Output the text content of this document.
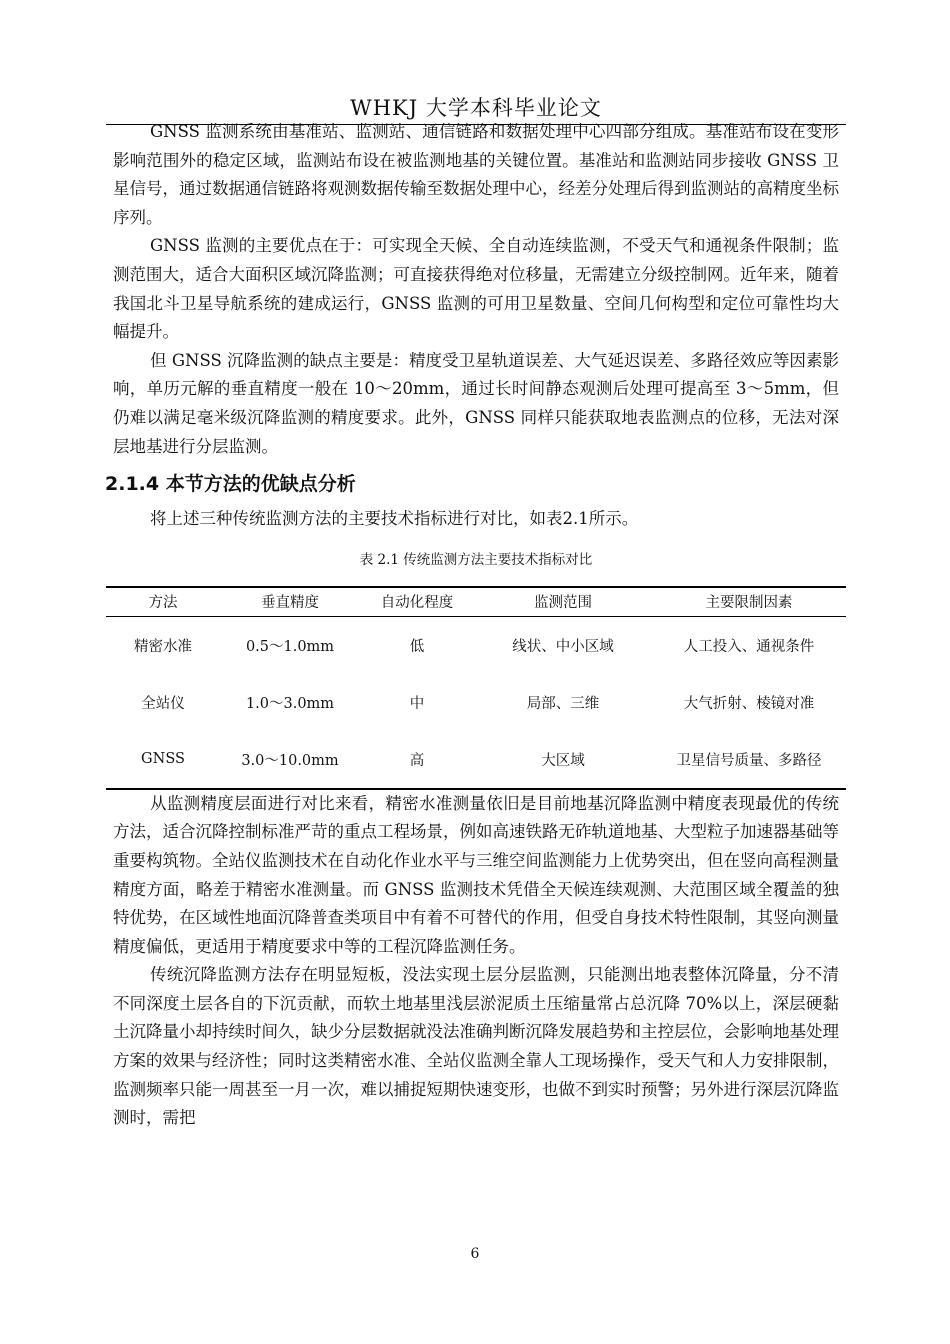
WHKJ 大学本科毕业论文

GNSS 监测系统由基准站、监测站、通信链路和数据处理中心四部分组成。基准站布设在变形影响范围外的稳定区域，监测站布设在被监测地基的关键位置。基准站和监测站同步接收 GNSS 卫星信号，通过数据通信链路将观测数据传输至数据处理中心，经差分处理后得到监测站的高精度坐标序列。

GNSS 监测的主要优点在于：可实现全天候、全自动连续监测，不受天气和通视条件限制；监测范围大，适合大面积区域沉降监测；可直接获得绝对位移量，无需建立分级控制网。近年来，随着我国北斗卫星导航系统的建成运行，GNSS 监测的可用卫星数量、空间几何构型和定位可靠性均大幅提升。

但 GNSS 沉降监测的缺点主要是：精度受卫星轨道误差、大气延迟误差、多路径效应等因素影响，单历元解的垂直精度一般在 10～20mm，通过长时间静态观测后处理可提高至 3～5mm，但仍难以满足毫米级沉降监测的精度要求。此外，GNSS 同样只能获取地表监测点的位移，无法对深层地基进行分层监测。

2.1.4 本节方法的优缺点分析

将上述三种传统监测方法的主要技术指标进行对比，如表2.1所示。

表 2.1 传统监测方法主要技术指标对比
方法	垂直精度	自动化程度	监测范围	主要限制因素
精密水准	0.5～1.0mm	低	线状、中小区域	人工投入、通视条件
全站仪	1.0～3.0mm	中	局部、三维	大气折射、棱镜对准
GNSS	3.0～10.0mm	高	大区域	卫星信号质量、多路径

从监测精度层面进行对比来看，精密水准测量依旧是目前地基沉降监测中精度表现最优的传统方法，适合沉降控制标准严苛的重点工程场景，例如高速铁路无砟轨道地基、大型粒子加速器基础等重要构筑物。全站仪监测技术在自动化作业水平与三维空间监测能力上优势突出，但在竖向高程测量精度方面，略差于精密水准测量。而 GNSS 监测技术凭借全天候连续观测、大范围区域全覆盖的独特优势，在区域性地面沉降普查类项目中有着不可替代的作用，但受自身技术特性限制，其竖向测量精度偏低，更适用于精度要求中等的工程沉降监测任务。

传统沉降监测方法存在明显短板，没法实现土层分层监测，只能测出地表整体沉降量，分不清不同深度土层各自的下沉贡献，而软土地基里浅层淤泥质土压缩量常占总沉降 70%以上，深层硬黏土沉降量小却持续时间久，缺少分层数据就没法准确判断沉降发展趋势和主控层位，会影响地基处理方案的效果与经济性；同时这类精密水准、全站仪监测全靠人工现场操作，受天气和人力安排限制，监测频率只能一周甚至一月一次，难以捕捉短期快速变形，也做不到实时预警；另外进行深层沉降监测时，需把

6
